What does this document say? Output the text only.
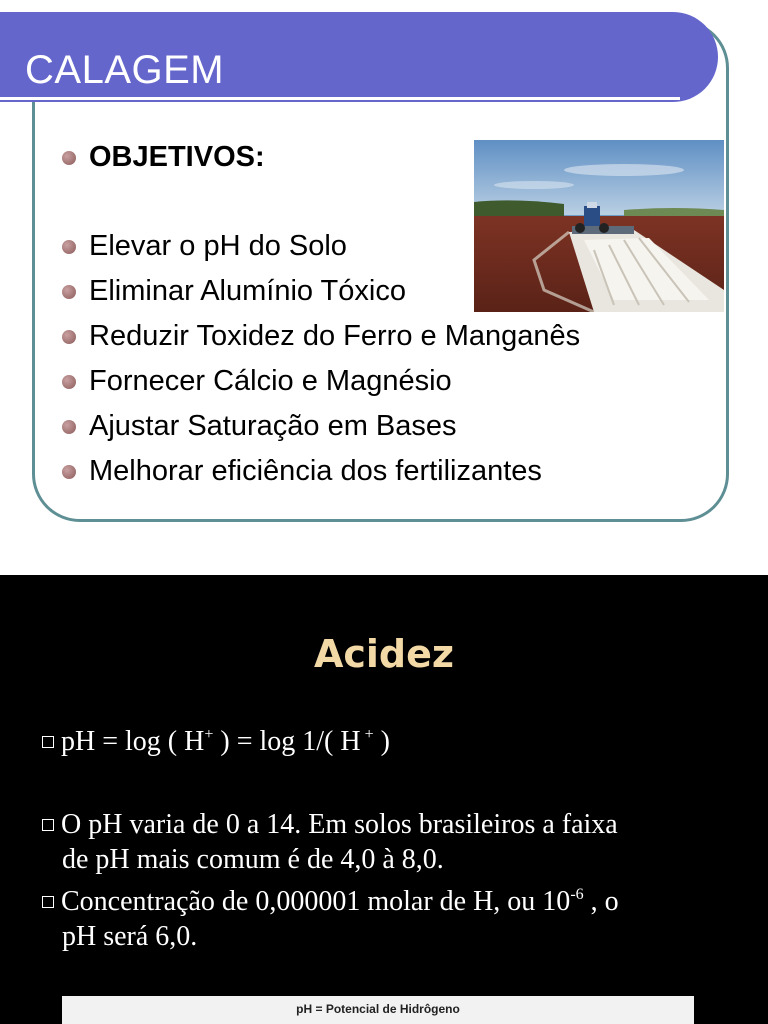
CALAGEM
OBJETIVOS:
Elevar o pH do Solo
Eliminar Alumínio Tóxico
Reduzir Toxidez do Ferro e Manganês
Fornecer Cálcio e Magnésio
Ajustar Saturação em Bases
Melhorar eficiência dos fertilizantes
Acidez
pH = log ( H+ ) = log 1/( H + )
O pH varia de 0 a 14. Em solos brasileiros a faixa
de pH mais comum é de 4,0 à 8,0.
Concentração de 0,000001 molar de H, ou $10^{-6}$ , o
pH será 6,0.
pH = Potencial de Hidrôgeno
